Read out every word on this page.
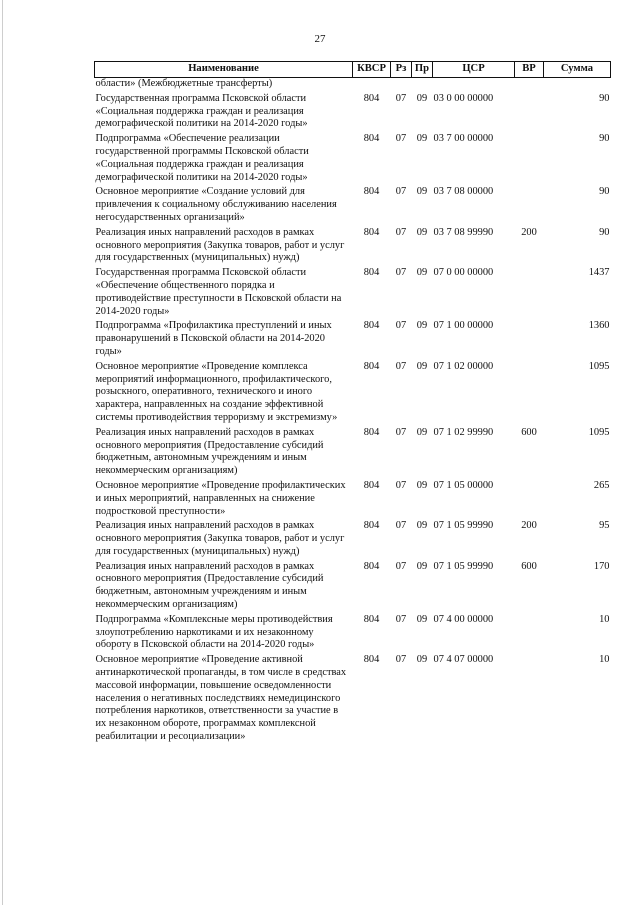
27
Наименование	КВСР	Рз	Пр	ЦСР	ВР	Сумма
области» (Межбюджетные трансферты)						
Государственная программа Псковской области «Социальная поддержка граждан и реализация демографической политики на 2014-2020 годы»	804	07	09	03 0 00 00000		90
Подпрограмма «Обеспечение реализации государственной программы Псковской области «Социальная поддержка граждан и реализация демографической политики на 2014-2020 годы»	804	07	09	03 7 00 00000		90
Основное мероприятие «Создание условий для привлечения к социальному обслуживанию населения негосударственных организаций»	804	07	09	03 7 08 00000		90
Реализация иных направлений расходов в рамках основного мероприятия (Закупка товаров, работ и услуг для государственных (муниципальных) нужд)	804	07	09	03 7 08 99990	200	90
Государственная программа Псковской области «Обеспечение общественного порядка и противодействие преступности в Псковской области на 2014-2020 годы»	804	07	09	07 0 00 00000		1437
Подпрограмма «Профилактика преступлений и иных правонарушений в Псковской области на 2014-2020 годы»	804	07	09	07 1 00 00000		1360
Основное мероприятие «Проведение комплекса мероприятий информационного, профилактического, розыскного, оперативного, технического и иного характера, направленных на создание эффективной системы противодействия терроризму и экстремизму»	804	07	09	07 1 02 00000		1095
Реализация иных направлений расходов в рамках основного мероприятия (Предоставление субсидий бюджетным, автономным учреждениям и иным некоммерческим организациям)	804	07	09	07 1 02 99990	600	1095
Основное мероприятие «Проведение профилактических и иных мероприятий, направленных на снижение подростковой преступности»	804	07	09	07 1 05 00000		265
Реализация иных направлений расходов в рамках основного мероприятия (Закупка товаров, работ и услуг для государственных (муниципальных) нужд)	804	07	09	07 1 05 99990	200	95
Реализация иных направлений расходов в рамках основного мероприятия (Предоставление субсидий бюджетным, автономным учреждениям и иным некоммерческим организациям)	804	07	09	07 1 05 99990	600	170
Подпрограмма «Комплексные меры противодействия злоупотреблению наркотиками и их незаконному обороту в Псковской области на 2014-2020 годы»	804	07	09	07 4 00 00000		10
Основное мероприятие «Проведение активной антинаркотической пропаганды, в том числе в средствах массовой информации, повышение осведомленности населения о негативных последствиях немедицинского потребления наркотиков, ответственности за участие в их незаконном обороте, программах комплексной реабилитации и ресоциализации»	804	07	09	07 4 07 00000		10
